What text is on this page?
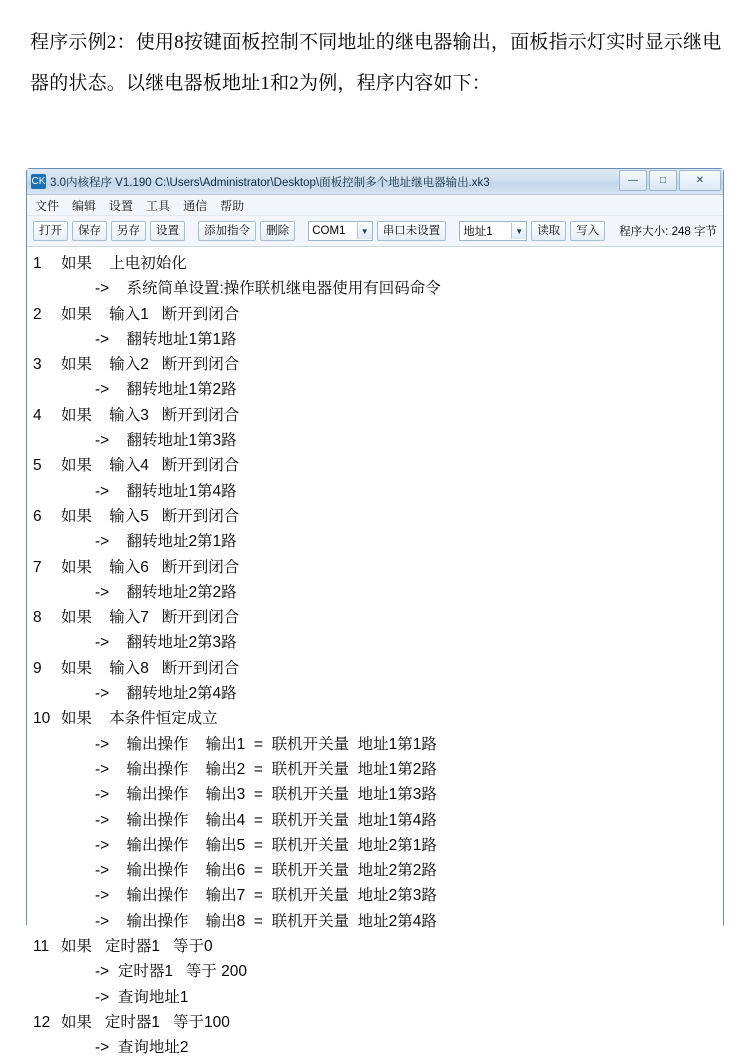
程序示例2：使用8按键面板控制不同地址的继电器输出，面板指示灯实时显示继电器的状态。以继电器板地址1和2为例，程序内容如下：
CK 3.0内核程序 V1.190 C:\Users\Administrator\Desktop\面板控制多个地址继电器输出.xk3	—	□	✕
文件 编辑 设置 工具 通信 帮助
打开	保存	另存	设置	添加指令	删除	COM1	▼	串口未设置	地址1	▼	读取	写入	程序大小: 248 字节
1	如果    上电初始化
->    系统简单设置:操作联机继电器使用有回码命令
2	如果    输入1   断开到闭合
->    翻转地址1第1路
3	如果    输入2   断开到闭合
->    翻转地址1第2路
4	如果    输入3   断开到闭合
->    翻转地址1第3路
5	如果    输入4   断开到闭合
->    翻转地址1第4路
6	如果    输入5   断开到闭合
->    翻转地址2第1路
7	如果    输入6   断开到闭合
->    翻转地址2第2路
8	如果    输入7   断开到闭合
->    翻转地址2第3路
9	如果    输入8   断开到闭合
->    翻转地址2第4路
10 如果    本条件恒定成立
->    输出操作    输出1  =  联机开关量  地址1第1路
->    输出操作    输出2  =  联机开关量  地址1第2路
->    输出操作    输出3  =  联机开关量  地址1第3路
->    输出操作    输出4  =  联机开关量  地址1第4路
->    输出操作    输出5  =  联机开关量  地址2第1路
->    输出操作    输出6  =  联机开关量  地址2第2路
->    输出操作    输出7  =  联机开关量  地址2第3路
->    输出操作    输出8  =  联机开关量  地址2第4路
11 如果   定时器1   等于0
->  定时器1   等于 200
->  查询地址1
12 如果   定时器1   等于100
->  查询地址2
